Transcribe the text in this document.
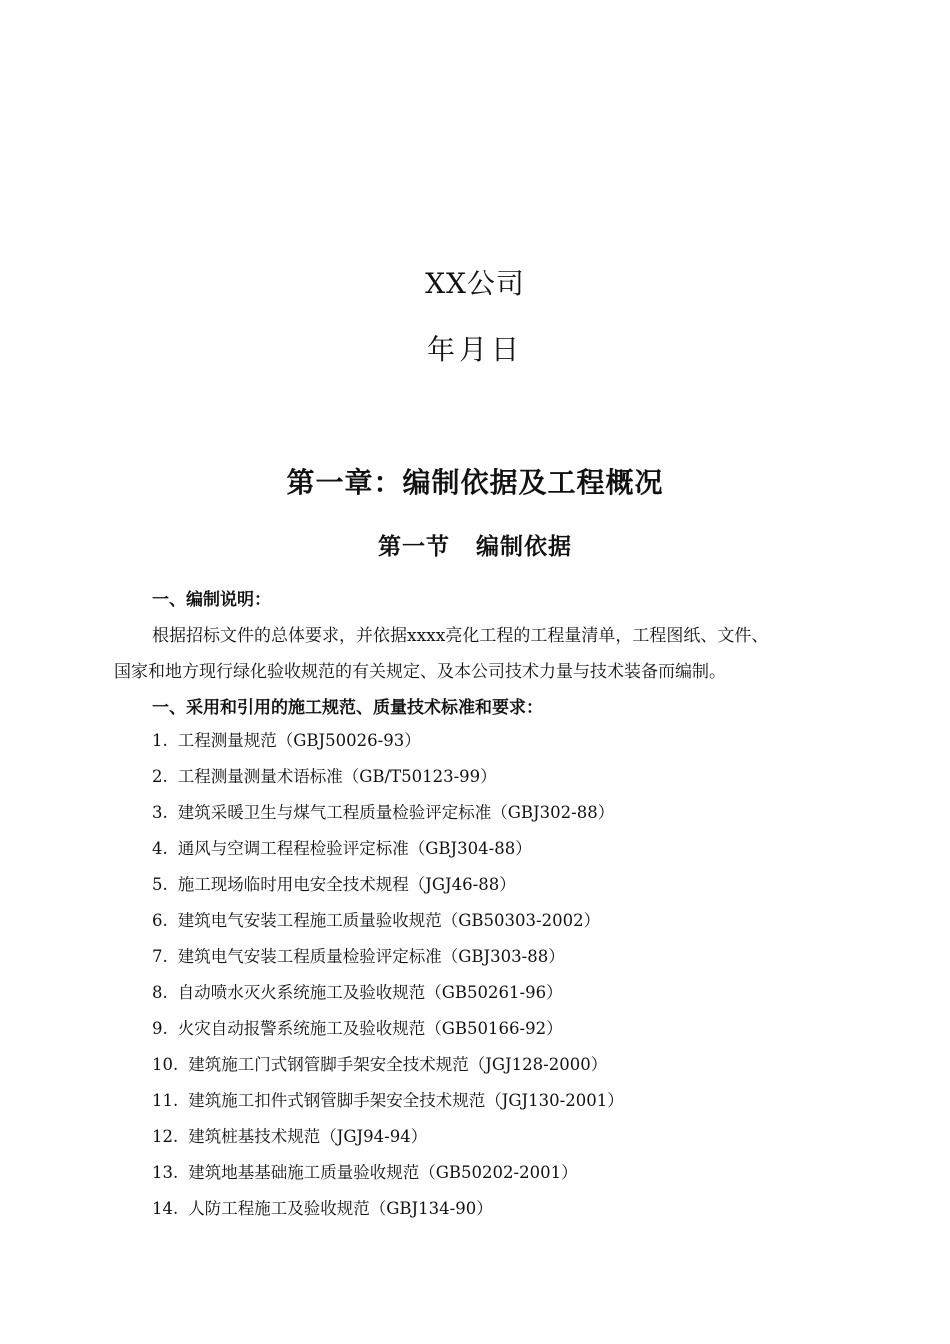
XX公司
年月日
第一章：编制依据及工程概况
第一节 编制依据
一、编制说明：
根据招标文件的总体要求，并依据xxxx亮化工程的工程量清单，工程图纸、文件、
国家和地方现行绿化验收规范的有关规定、及本公司技术力量与技术装备而编制。
一、采用和引用的施工规范、质量技术标准和要求：
1. 工程测量规范（GBJ50026-93）
2. 工程测量测量术语标准（GB/T50123-99）
3. 建筑采暖卫生与煤气工程质量检验评定标准（GBJ302-88）
4. 通风与空调工程程检验评定标准（GBJ304-88）
5. 施工现场临时用电安全技术规程（JGJ46-88）
6. 建筑电气安装工程施工质量验收规范（GB50303-2002）
7. 建筑电气安装工程质量检验评定标准（GBJ303-88）
8. 自动喷水灭火系统施工及验收规范（GB50261-96）
9. 火灾自动报警系统施工及验收规范（GB50166-92）
10. 建筑施工门式钢管脚手架安全技术规范（JGJ128-2000）
11. 建筑施工扣件式钢管脚手架安全技术规范（JGJ130-2001）
12. 建筑桩基技术规范（JGJ94-94）
13. 建筑地基基础施工质量验收规范（GB50202-2001）
14. 人防工程施工及验收规范（GBJ134-90）
